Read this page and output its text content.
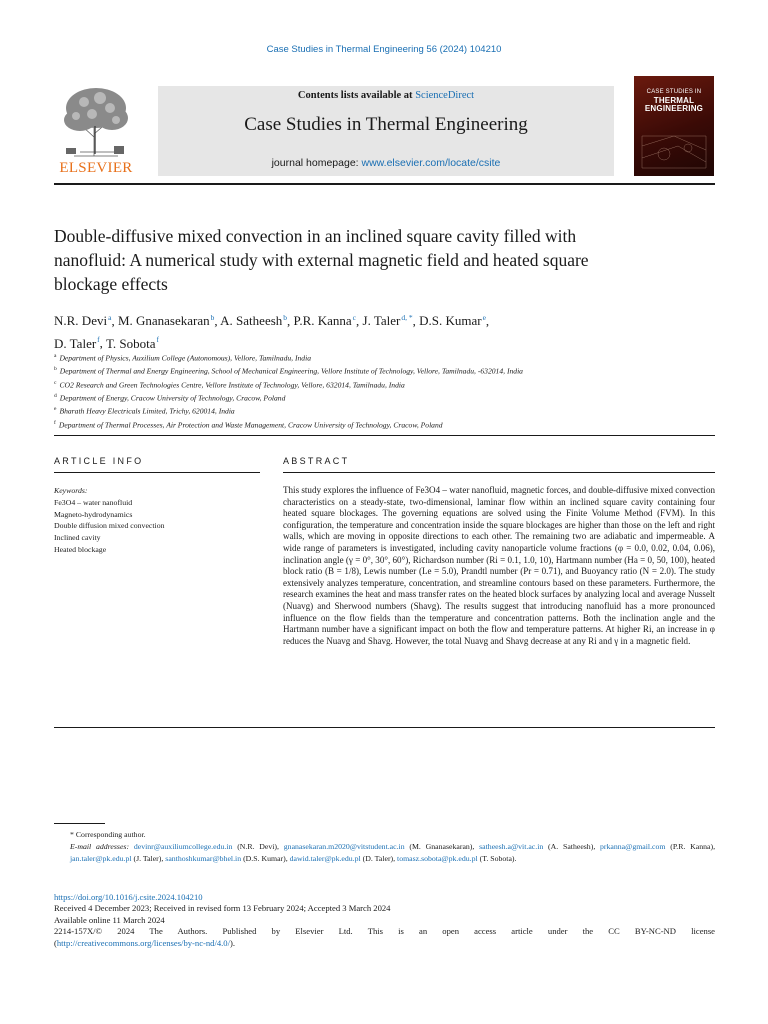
Case Studies in Thermal Engineering 56 (2024) 104210
ELSEVIER
Contents lists available at ScienceDirect
Case Studies in Thermal Engineering
journal homepage: www.elsevier.com/locate/csite
CASE STUDIES IN
THERMAL
ENGINEERING
Double-diffusive mixed convection in an inclined square cavity filled with nanofluid: A numerical study with external magnetic field and heated square blockage effects
N.R. Devi$^a$, M. Gnanasekaran$^b$, A. Satheesh$^b$, P.R. Kanna$^c$, J. Taler$^{d, *}$, D.S. Kumar$^e$,
D. Taler$^f$, T. Sobota$^f$
$^a$ Department of Physics, Auxilium College (Autonomous), Vellore, Tamilnadu, India
$^b$ Department of Thermal and Energy Engineering, School of Mechanical Engineering, Vellore Institute of Technology, Vellore, Tamilnadu, -632014, India
$^c$ CO2 Research and Green Technologies Centre, Vellore Institute of Technology, Vellore, 632014, Tamilnadu, India
$^d$ Department of Energy, Cracow University of Technology, Cracow, Poland
$^e$ Bharath Heavy Electricals Limited, Trichy, 620014, India
$^f$ Department of Thermal Processes, Air Protection and Waste Management, Cracow University of Technology, Cracow, Poland
ARTICLE INFO	ABSTRACT
Keywords:
Fe3O4 – water nanofluid
Magneto-hydrodynamics
Double diffusion mixed convection
Inclined cavity
Heated blockage
This study explores the influence of Fe3O4 – water nanofluid, magnetic forces, and double-diffusive mixed convection characteristics on a steady-state, two-dimensional, laminar flow within an inclined square cavity containing four heated square blockages. The governing equations are solved using the Finite Volume Method (FVM). In this configuration, the temperature and concentration inside the square blockages are higher than those on the left and right walls, which are moving in opposite directions to each other. The remaining two are adiabatic and impermeable. A wide range of parameters is investigated, including cavity nanoparticle volume fractions (φ = 0.0, 0.02, 0.04, 0.06), inclination angle (γ = 0°, 30°, 60°), Richardson number (Ri = 0.1, 1.0, 10), Hartmann number (Ha = 0, 50, 100), heated block ratio (B = 1/8), Lewis number (Le = 5.0), Prandtl number (Pr = 0.71), and Buoyancy ratio (N = 2.0). The study extensively analyzes temperature, concentration, and streamline contours based on these parameters. Furthermore, the research examines the heat and mass transfer rates on the heated block surfaces by analyzing local and average Nusselt (Nuavg) and Sherwood numbers (Shavg). The results suggest that introducing nanofluid has a more pronounced influence on the flow fields than the temperature and concentration patterns. Both the inclination angle and the Hartmann number have a significant impact on both the flow and temperature patterns. At higher Ri, an increase in φ reduces the Nuavg and Shavg. However, the total Nuavg and Shavg decrease at any Ri and γ in a magnetic field.
* Corresponding author.
E-mail addresses: devinr@auxiliumcollege.edu.in (N.R. Devi), gnanasekaran.m2020@vitstudent.ac.in (M. Gnanasekaran), satheesh.a@vit.ac.in (A. Satheesh), prkanna@gmail.com (P.R. Kanna), jan.taler@pk.edu.pl (J. Taler), santhoshkumar@bhel.in (D.S. Kumar), dawid.taler@pk.edu.pl (D. Taler), tomasz.sobota@pk.edu.pl (T. Sobota).
https://doi.org/10.1016/j.csite.2024.104210
Received 4 December 2023; Received in revised form 13 February 2024; Accepted 3 March 2024
Available online 11 March 2024
2214-157X/© 2024 The Authors. Published by Elsevier Ltd. This is an open access article under the CC BY-NC-ND license
(http://creativecommons.org/licenses/by-nc-nd/4.0/).
